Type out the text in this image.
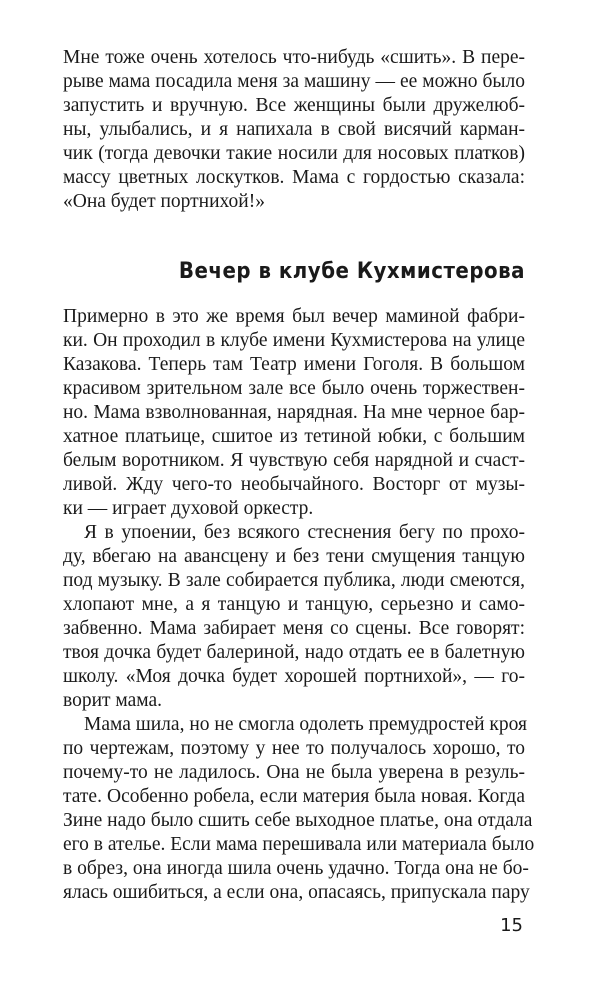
Мне тоже очень хотелось что-нибудь «сшить». В пере-
рыве мама посадила меня за машину — ее можно было
запустить и вручную. Все женщины были дружелюб-
ны, улыбались, и я напихала в свой висячий карман-
чик (тогда девочки такие носили для носовых платков)
массу цветных лоскутков. Мама с гордостью сказала:
«Она будет портнихой!»
Вечер в клубе Кухмистерова
Примерно в это же время был вечер маминой фабри-
ки. Он проходил в клубе имени Кухмистерова на улице
Казакова. Теперь там Театр имени Гоголя. В большом
красивом зрительном зале все было очень торжествен-
но. Мама взволнованная, нарядная. На мне черное бар-
хатное платьице, сшитое из тетиной юбки, с большим
белым воротником. Я чувствую себя нарядной и счаст-
ливой. Жду чего-то необычайного. Восторг от музы-
ки — играет духовой оркестр.
Я в упоении, без всякого стеснения бегу по прохо-
ду, вбегаю на авансцену и без тени смущения танцую
под музыку. В зале собирается публика, люди смеются,
хлопают мне, а я танцую и танцую, серьезно и само-
забвенно. Мама забирает меня со сцены. Все говорят:
твоя дочка будет балериной, надо отдать ее в балетную
школу. «Моя дочка будет хорошей портнихой», — го-
ворит мама.
Мама шила, но не смогла одолеть премудростей кроя
по чертежам, поэтому у нее то получалось хорошо, то
почему-то не ладилось. Она не была уверена в резуль-
тате. Особенно робела, если материя была новая. Когда
Зине надо было сшить себе выходное платье, она отдала
его в ателье. Если мама перешивала или материала было
в обрез, она иногда шила очень удачно. Тогда она не бо-
ялась ошибиться, а если она, опасаясь, припускала пару
15
